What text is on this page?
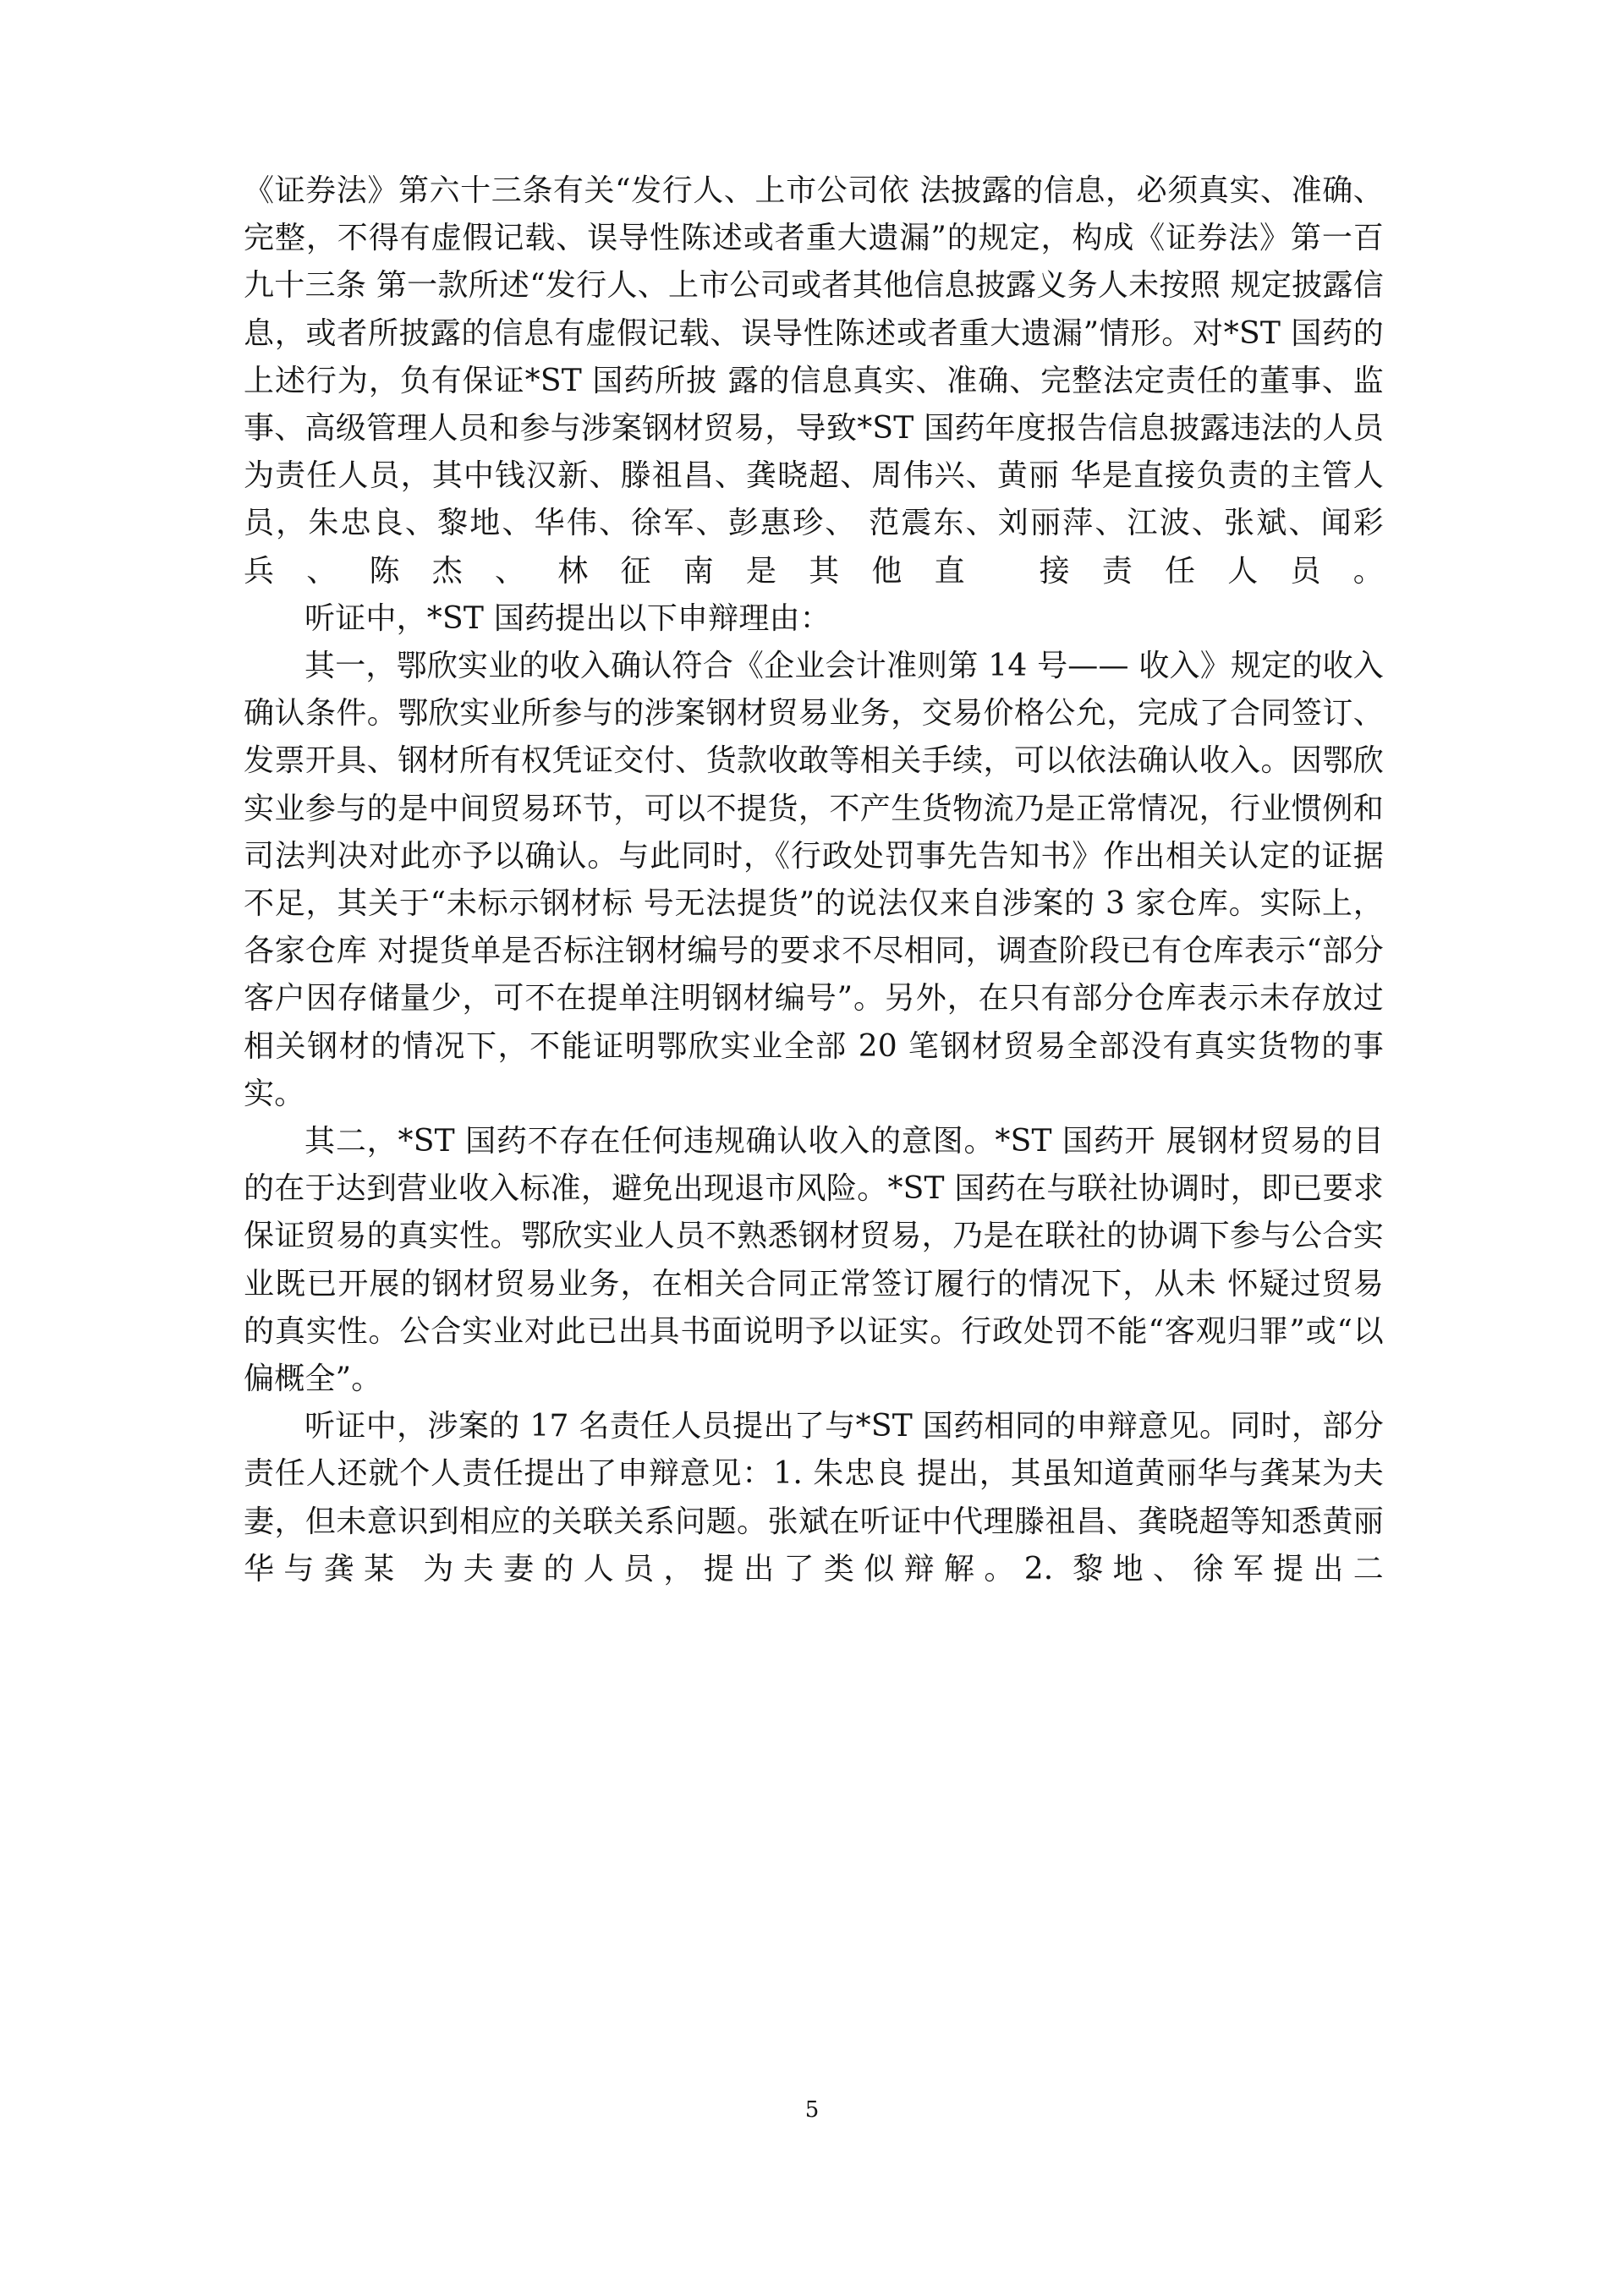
《证券法》第六十三条有关“发行人、上市公司依 法披露的信息，必须真实、准确、完整，不得有虚假记载、误导性陈述或者重大遗漏”的规定，构成《证券法》第一百九十三条 第一款所述“发行人、上市公司或者其他信息披露义务人未按照 规定披露信息，或者所披露的信息有虚假记载、误导性陈述或者重大遗漏”情形。对*ST 国药的上述行为，负有保证*ST 国药所披 露的信息真实、准确、完整法定责任的董事、监事、高级管理人员和参与涉案钢材贸易，导致*ST 国药年度报告信息披露违法的人员为责任人员，其中钱汉新、滕祖昌、龚晓超、周伟兴、黄丽 华是直接负责的主管人员，朱忠良、黎地、华伟、徐军、彭惠珍、 范震东、刘丽萍、江波、张斌、闻彩兵、陈杰、林征南是其他直 接责任人员。

听证中，*ST 国药提出以下申辩理由：

其一，鄂欣实业的收入确认符合《企业会计准则第 14 号—— 收入》规定的收入确认条件。鄂欣实业所参与的涉案钢材贸易业务，交易价格公允，完成了合同签订、发票开具、钢材所有权凭证交付、货款收敢等相关手续，可以依法确认收入。因鄂欣实业参与的是中间贸易环节，可以不提货，不产生货物流乃是正常情况，行业惯例和司法判决对此亦予以确认。与此同时，《行政处罚事先告知书》作出相关认定的证据不足，其关于“未标示钢材标 号无法提货”的说法仅来自涉案的 3 家仓库。实际上，各家仓库 对提货单是否标注钢材编号的要求不尽相同，调查阶段已有仓库表示“部分客户因存储量少，可不在提单注明钢材编号”。另外，在只有部分仓库表示未存放过相关钢材的情况下，不能证明鄂欣实业全部 20 笔钢材贸易全部没有真实货物的事实。

其二，*ST 国药不存在任何违规确认收入的意图。*ST 国药开 展钢材贸易的目的在于达到营业收入标准，避免出现退市风险。*ST 国药在与联社协调时，即已要求保证贸易的真实性。鄂欣实业人员不熟悉钢材贸易，乃是在联社的协调下参与公合实业既已开展的钢材贸易业务，在相关合同正常签订履行的情况下，从未 怀疑过贸易的真实性。公合实业对此已出具书面说明予以证实。行政处罚不能“客观归罪”或“以偏概全”。

听证中，涉案的 17 名责任人员提出了与*ST 国药相同的申辩意见。同时，部分责任人还就个人责任提出了申辩意见：1. 朱忠良 提出，其虽知道黄丽华与龚某为夫妻，但未意识到相应的关联关系问题。张斌在听证中代理滕祖昌、龚晓超等知悉黄丽华与龚某 为夫妻的人员，提出了类似辩解。2. 黎地、徐军提出二

5
